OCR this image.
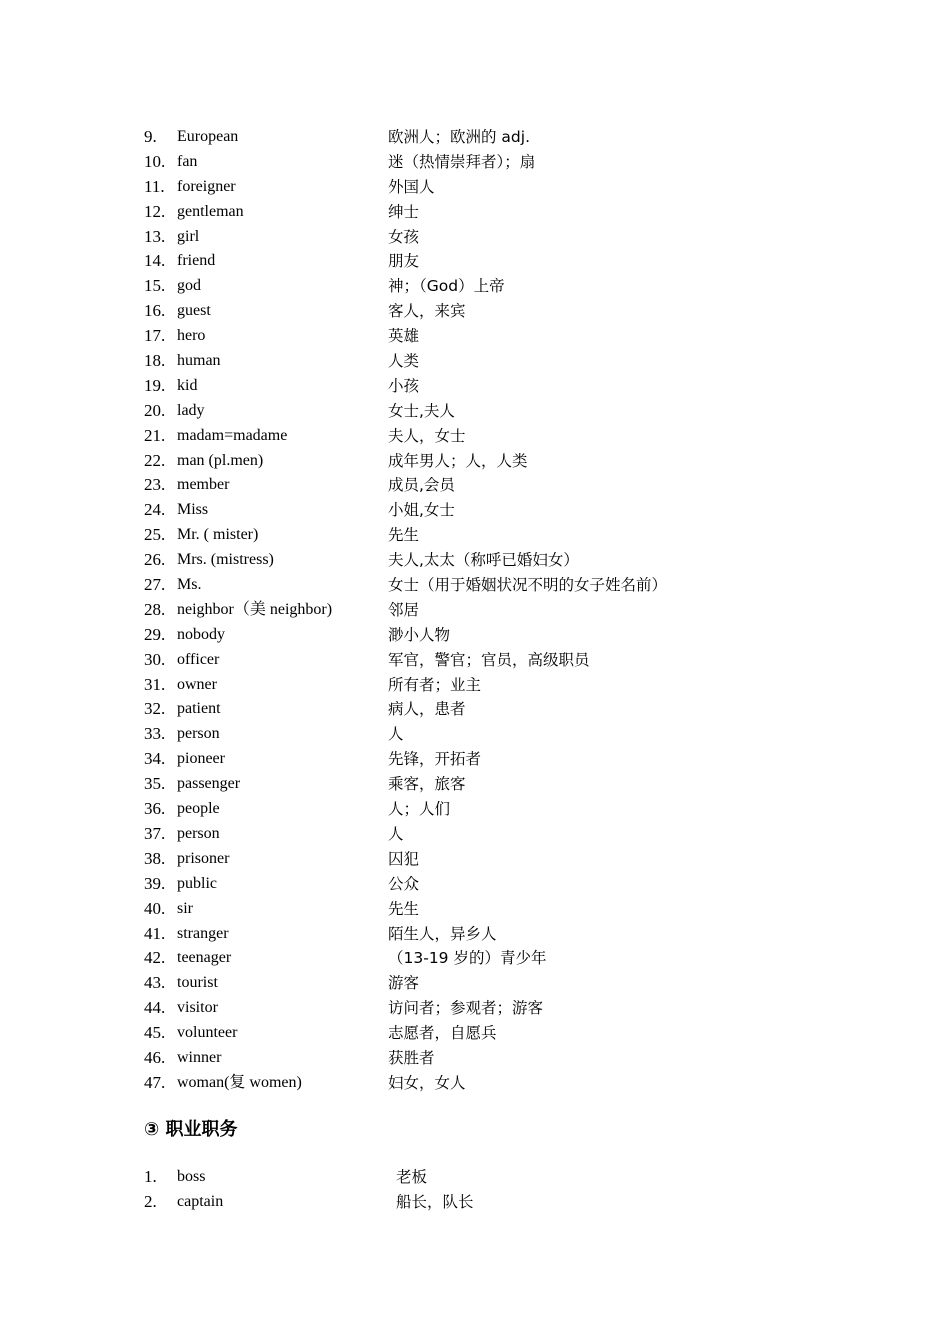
9. European	欧洲人；欧洲的 adj.
10. fan	迷（热情崇拜者）；扇
11. foreigner	外国人
12. gentleman	绅士
13. girl	女孩
14. friend	朋友
15. god	神；（God）上帝
16. guest	客人，来宾
17. hero	英雄
18. human	人类
19. kid	小孩
20. lady	女士,夫人
21. madam=madame	夫人，女士
22. man (pl.men)	成年男人；人，人类
23. member	成员,会员
24. Miss	小姐,女士
25. Mr. ( mister)	先生
26. Mrs. (mistress)	夫人,太太（称呼已婚妇女）
27. Ms.	女士（用于婚姻状况不明的女子姓名前）
28. neighbor（美 neighbor)	邻居
29. nobody	渺小人物
30. officer	军官，警官；官员，高级职员
31. owner	所有者；业主
32. patient	病人，患者
33. person	人
34. pioneer	先锋，开拓者
35. passenger	乘客，旅客
36. people	人；人们
37. person	人
38. prisoner	囚犯
39. public	公众
40. sir	先生
41. stranger	陌生人，异乡人
42. teenager	（13-19 岁的）青少年
43. tourist	游客
44. visitor	访问者；参观者；游客
45. volunteer	志愿者，自愿兵
46. winner	获胜者
47. woman(复 women)	妇女，女人
③ 职业职务
1. boss	老板
2. captain	船长，队长
